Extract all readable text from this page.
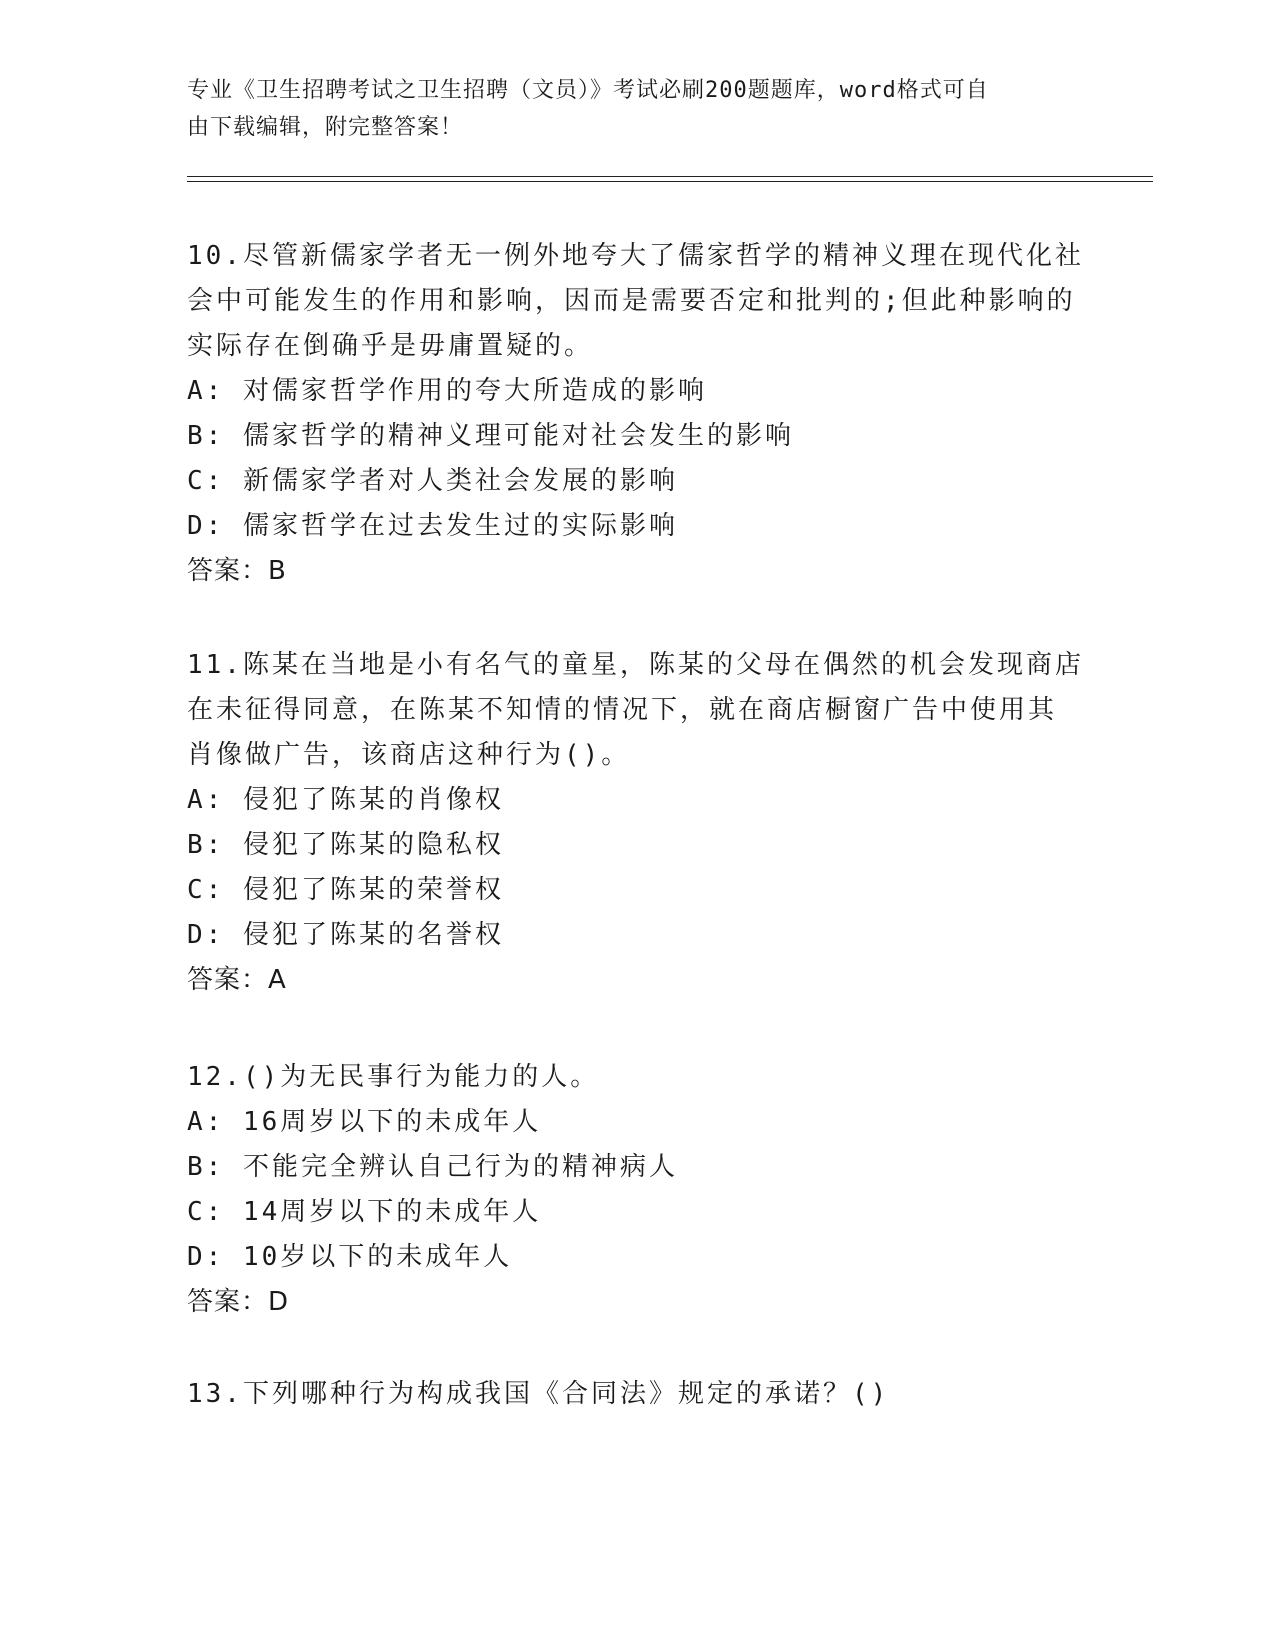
专业《卫生招聘考试之卫生招聘（文员）》考试必刷200题题库，word格式可自
由下载编辑，附完整答案！

10.尽管新儒家学者无一例外地夸大了儒家哲学的精神义理在现代化社

会中可能发生的作用和影响，因而是需要否定和批判的;但此种影响的

实际存在倒确乎是毋庸置疑的。

A: 对儒家哲学作用的夸大所造成的影响

B: 儒家哲学的精神义理可能对社会发生的影响

C: 新儒家学者对人类社会发展的影响

D: 儒家哲学在过去发生过的实际影响

答案：B

11.陈某在当地是小有名气的童星，陈某的父母在偶然的机会发现商店

在未征得同意，在陈某不知情的情况下，就在商店橱窗广告中使用其

肖像做广告，该商店这种行为()。

A: 侵犯了陈某的肖像权

B: 侵犯了陈某的隐私权

C: 侵犯了陈某的荣誉权

D: 侵犯了陈某的名誉权

答案：A

12.()为无民事行为能力的人。

A: 16周岁以下的未成年人

B: 不能完全辨认自己行为的精神病人

C: 14周岁以下的未成年人

D: 10岁以下的未成年人

答案：D

13.下列哪种行为构成我国《合同法》规定的承诺？()
